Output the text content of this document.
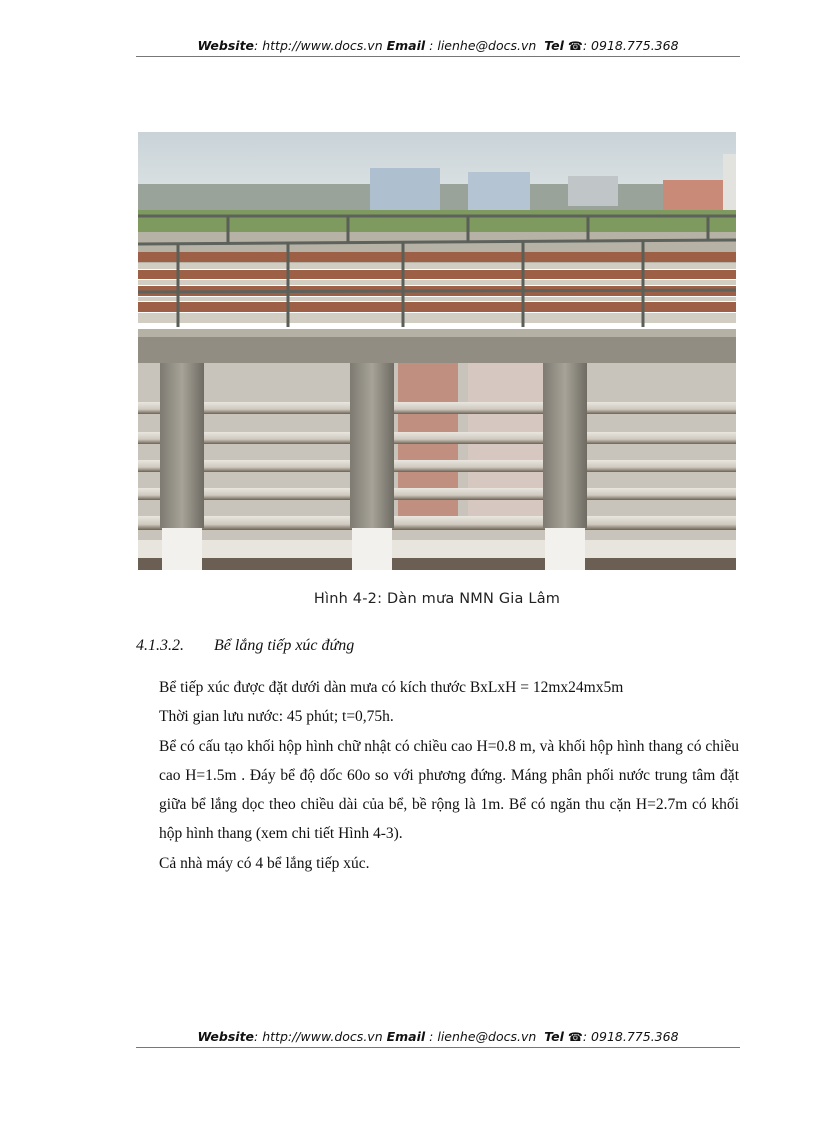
Website: http://www.docs.vn Email : lienhe@docs.vn Tel ☎: 0918.775.368
Hình 4-2: Dàn mưa NMN Gia Lâm
4.1.3.2. Bể lắng tiếp xúc đứng

Bể tiếp xúc được đặt dưới dàn mưa có kích thước BxLxH = 12mx24mx5m

Thời gian lưu nước: 45 phút; t=0,75h.

Bể có cấu tạo khối hộp hình chữ nhật có chiều cao H=0.8 m, và khối hộp hình thang có chiều cao H=1.5m . Đáy bể độ dốc 60o so với phương đứng. Máng phân phối nước trung tâm đặt giữa bể lắng dọc theo chiều dài của bể, bề rộng là 1m. Bể có ngăn thu cặn H=2.7m có khối hộp hình thang (xem chi tiết Hình 4-3).

Cả nhà máy có 4 bể lắng tiếp xúc.

Website: http://www.docs.vn Email : lienhe@docs.vn Tel ☎: 0918.775.368
